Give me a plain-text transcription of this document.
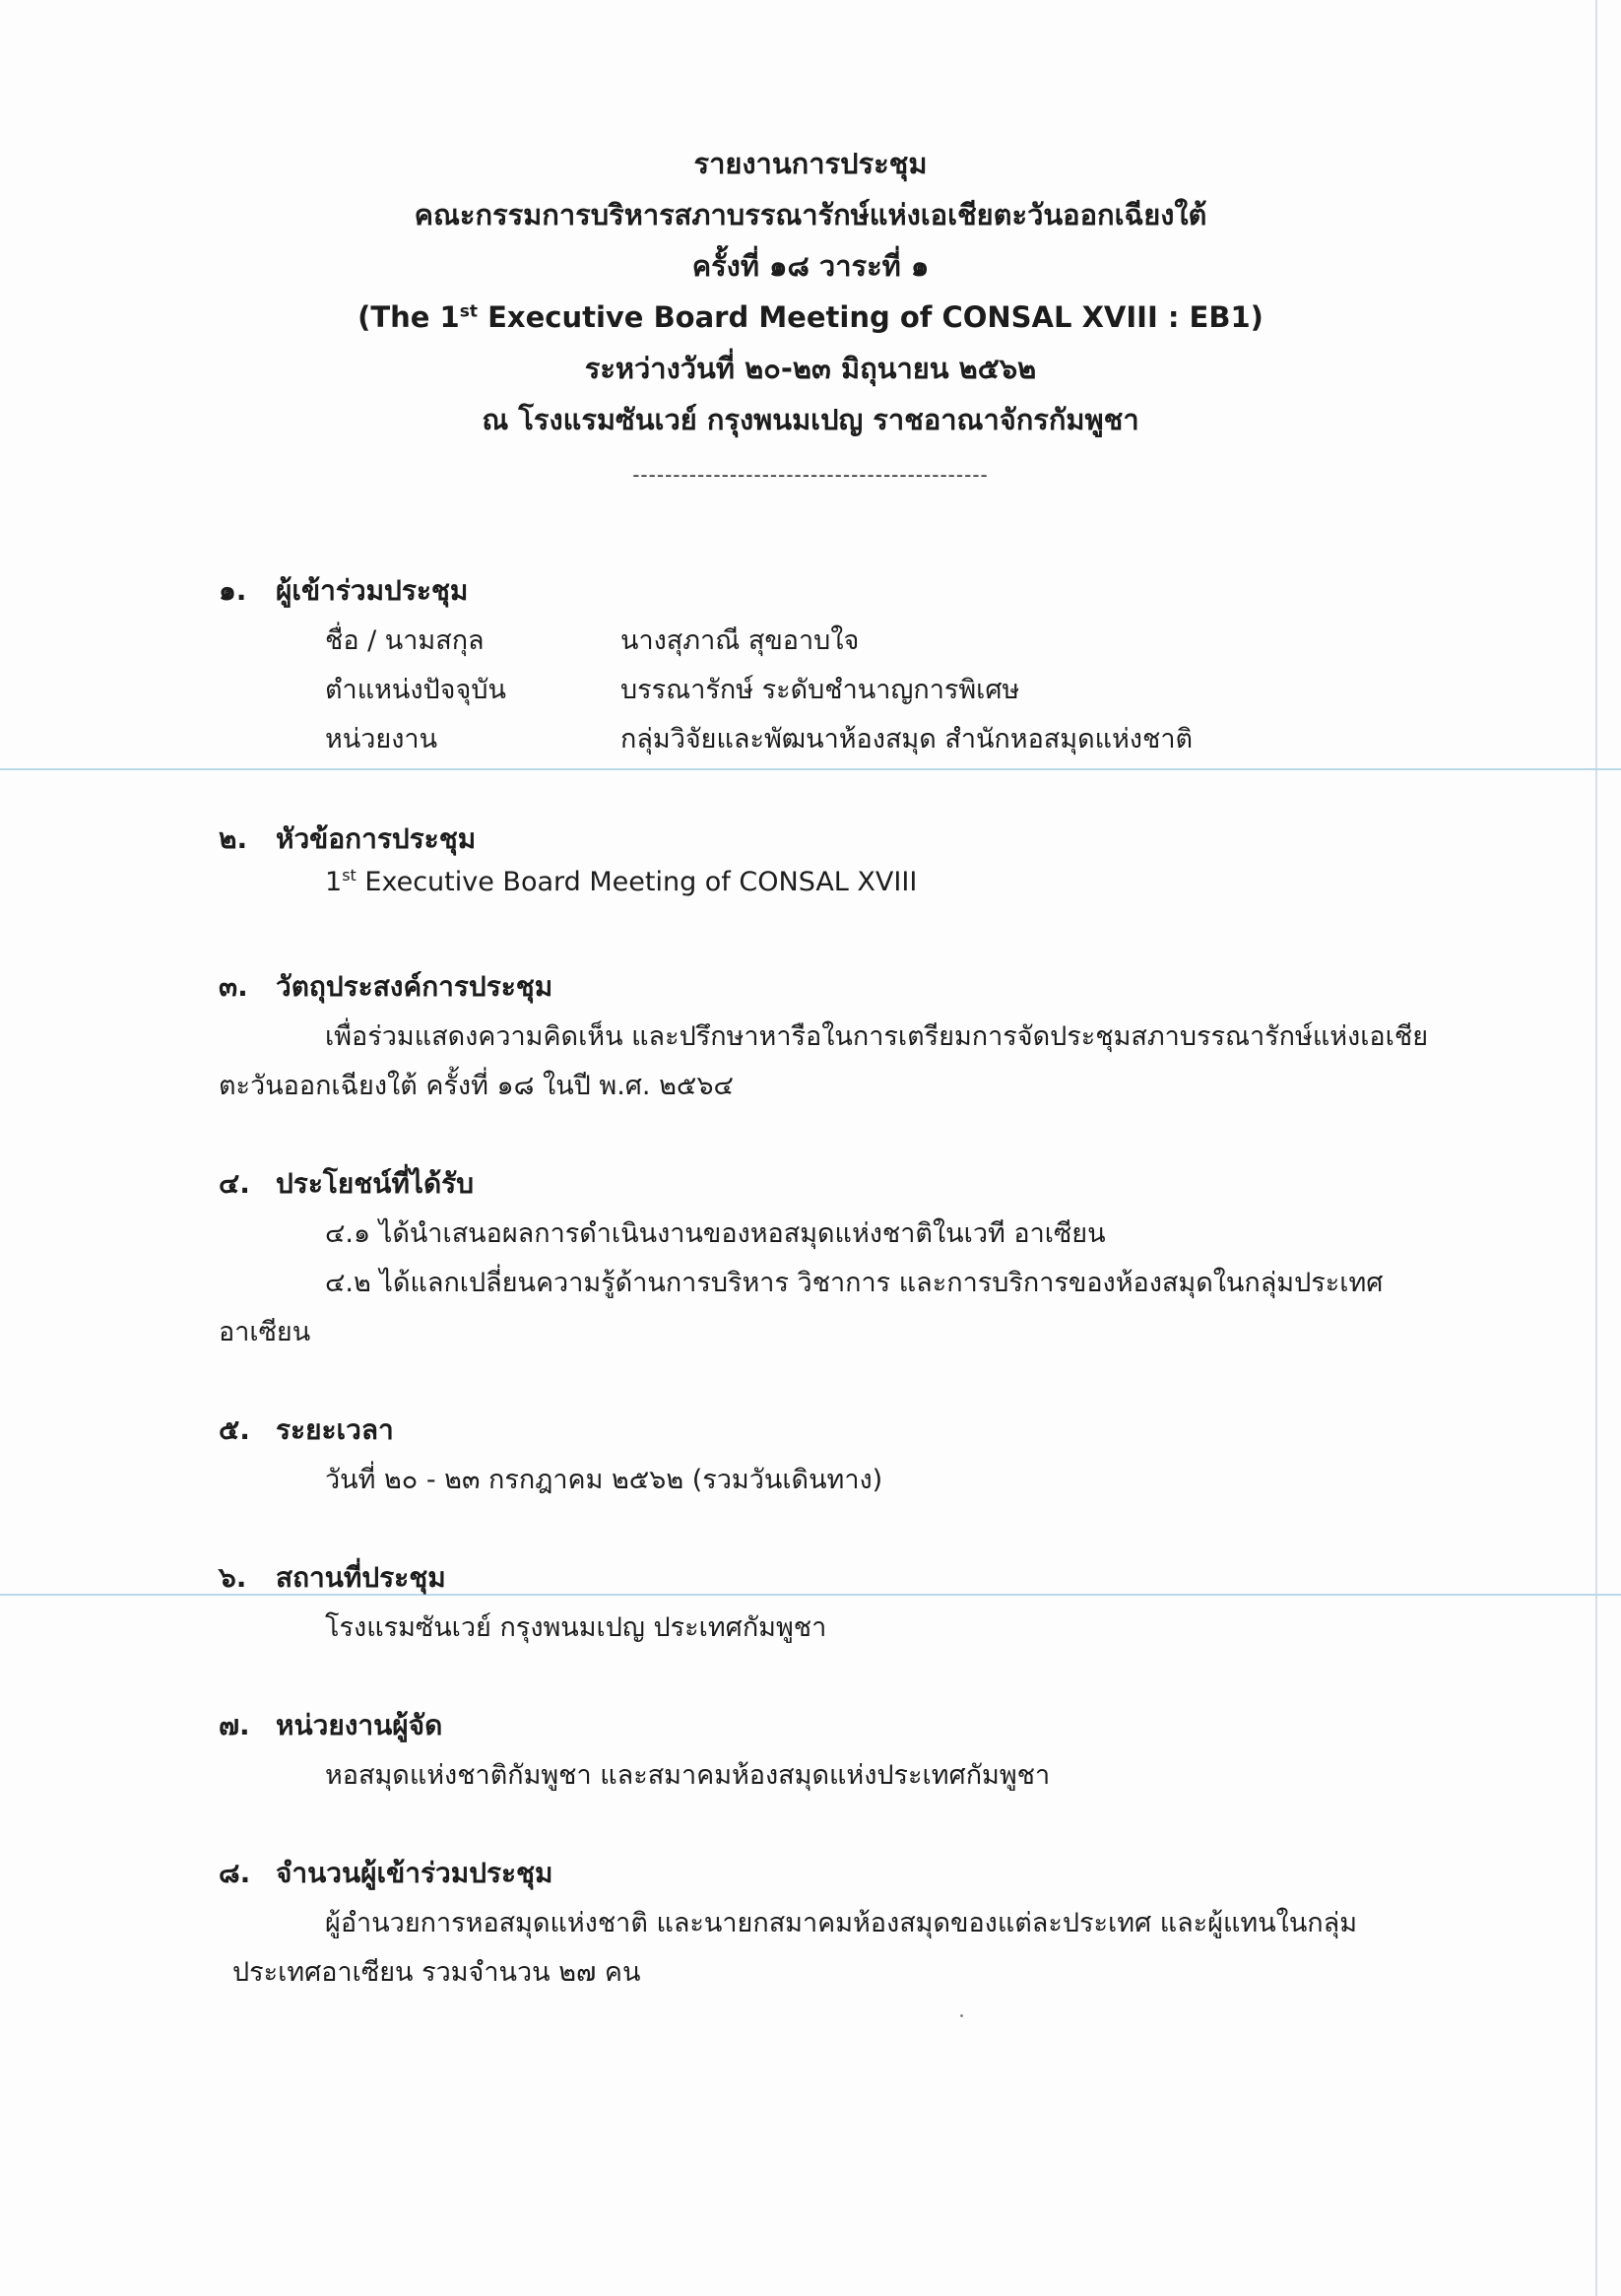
รายงานการประชุม
คณะกรรมการบริหารสภาบรรณารักษ์แห่งเอเชียตะวันออกเฉียงใต้
ครั้งที่ ๑๘ วาระที่ ๑
(The 1st Executive Board Meeting of CONSAL XVIII : EB1)
ระหว่างวันที่ ๒๐-๒๓ มิถุนายน ๒๕๖๒
ณ โรงแรมซันเวย์ กรุงพนมเปญ ราชอาณาจักรกัมพูชา
--------------------------------------------
๑. ผู้เข้าร่วมประชุม
ชื่อ / นามสกุล	นางสุภาณี สุขอาบใจ
ตำแหน่งปัจจุบัน	บรรณารักษ์ ระดับชำนาญการพิเศษ
หน่วยงาน	กลุ่มวิจัยและพัฒนาห้องสมุด สำนักหอสมุดแห่งชาติ
๒. หัวข้อการประชุม
1st Executive Board Meeting of CONSAL XVIII
๓. วัตถุประสงค์การประชุม
เพื่อร่วมแสดงความคิดเห็น และปรึกษาหารือในการเตรียมการจัดประชุมสภาบรรณารักษ์แห่งเอเชีย
ตะวันออกเฉียงใต้ ครั้งที่ ๑๘ ในปี พ.ศ. ๒๕๖๔
๔. ประโยชน์ที่ได้รับ
๔.๑ ได้นำเสนอผลการดำเนินงานของหอสมุดแห่งชาติในเวที อาเซียน
๔.๒ ได้แลกเปลี่ยนความรู้ด้านการบริหาร วิชาการ และการบริการของห้องสมุดในกลุ่มประเทศ
อาเซียน
๕. ระยะเวลา
วันที่ ๒๐ - ๒๓ กรกฎาคม ๒๕๖๒ (รวมวันเดินทาง)
๖. สถานที่ประชุม
โรงแรมซันเวย์ กรุงพนมเปญ ประเทศกัมพูชา
๗. หน่วยงานผู้จัด
หอสมุดแห่งชาติกัมพูชา และสมาคมห้องสมุดแห่งประเทศกัมพูชา
๘. จำนวนผู้เข้าร่วมประชุม
ผู้อำนวยการหอสมุดแห่งชาติ และนายกสมาคมห้องสมุดของแต่ละประเทศ และผู้แทนในกลุ่ม
ประเทศอาเซียน รวมจำนวน ๒๗ คน
